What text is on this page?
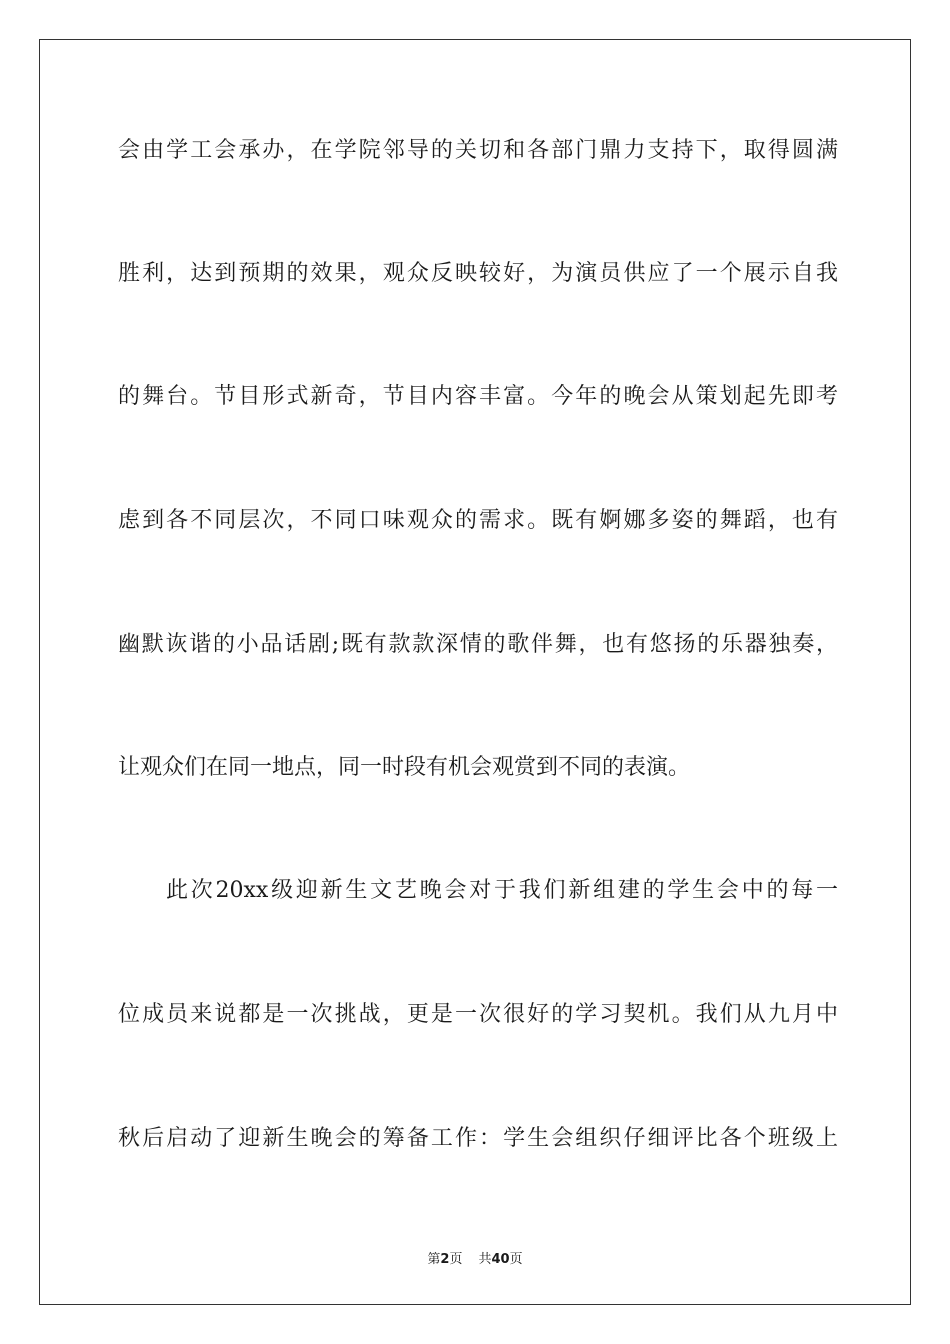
会由学工会承办，在学院邻导的关切和各部门鼎力支持下，取得圆满
胜利，达到预期的效果，观众反映较好，为演员供应了一个展示自我
的舞台。节目形式新奇，节目内容丰富。今年的晚会从策划起先即考
虑到各不同层次，不同口味观众的需求。既有婀娜多姿的舞蹈，也有
幽默诙谐的小品话剧;既有款款深情的歌伴舞，也有悠扬的乐器独奏，
让观众们在同一地点，同一时段有机会观赏到不同的表演。
此次20xx级迎新生文艺晚会对于我们新组建的学生会中的每一
位成员来说都是一次挑战，更是一次很好的学习契机。我们从九月中
秋后启动了迎新生晚会的筹备工作：学生会组织仔细评比各个班级上
第2页 共40页
